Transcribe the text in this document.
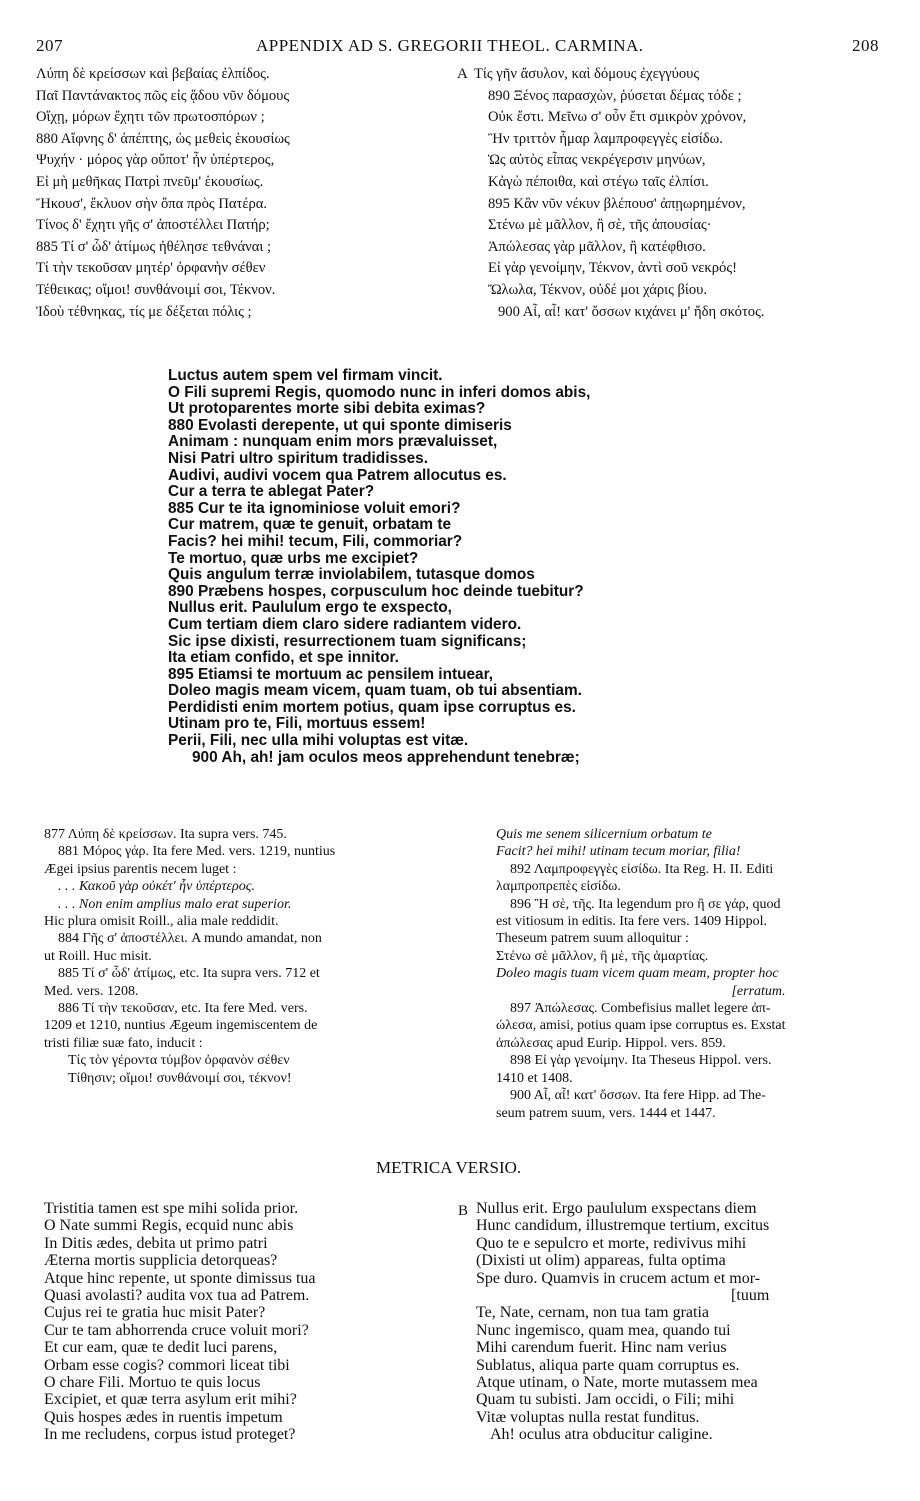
207	APPENDIX AD S. GREGORII THEOL. CARMINA.	208
Λύπη δὲ κρείσσων καὶ βεβαίας ἐλπίδος.
Παῖ Παντάνακτος πῶς εἰς ᾅδου νῦν δόμους
Οἴχῃ, μόρων ἔχητι τῶν πρωτοσπόρων ;
880 Αἴφνης δ' ἀπέπτης, ὡς μεθεὶς ἑκουσίως
Ψυχήν · μόρος γὰρ οὔποτ' ἦν ὑπέρτερος,
Εἰ μὴ μεθῆκας Πατρὶ πνεῦμ' ἑκουσίως.
Ἤκουσ', ἔκλυον σὴν ὄπα πρὸς Πατέρα.
Τίνος δ' ἔχητι γῆς σ' ἀποστέλλει Πατήρ;
885 Τί σ' ὧδ' ἀτίμως ἠθέλησε τεθνάναι ;
Τί τὴν τεκοῦσαν μητέρ' ὀρφανὴν σέθεν
Τέθεικας; οἴμοι! συνθάνοιμί σοι, Τέκνον.
Ἰδοὺ τέθνηκας, τίς με δέξεται πόλις ;
A Τίς γῆν ἄσυλον, καὶ δόμους ἐχεγγύους
890 Ξένος παρασχὼν, ῥύσεται δέμας τόδε ;
Οὐκ ἔστι. Μεῖνω σ' οὖν ἔτι σμικρὸν χρόνον,
Ἢν τριττὸν ἦμαρ λαμπροφεγγὲς εἰσίδω.
Ὡς αὐτὸς εἶπας νεκρέγερσιν μηνύων,
Κἀγὼ πέποιθα, καὶ στέγω ταῖς ἐλπίσι.
895 Κἂν νῦν νέκυν βλέπουσ' ἀπῃωρημένον,
Στένω μὲ μᾶλλον, ἢ σὲ, τῆς ἀπουσίας·
Ἀπώλεσας γὰρ μᾶλλον, ἢ κατέφθισο.
Εἰ γὰρ γενοίμην, Τέκνον, ἀντὶ σοῦ νεκρός!
Ὤλωλα, Τέκνον, οὐδέ μοι χάρις βίου.
900 Αἶ, αἶ! κατ' ὄσσων κιχάνει μ' ἤδη σκότος.
Luctus autem spem vel firmam vincit.
O Fili supremi Regis, quomodo nunc in inferi domos abis,
Ut protoparentes morte sibi debita eximas?
880 Evolasti derepente, ut qui sponte dimiseris
Animam : nunquam enim mors prævaluisset,
Nisi Patri ultro spiritum tradidisses.
Audivi, audivi vocem qua Patrem allocutus es.
Cur a terra te ablegat Pater?
885 Cur te ita ignominiose voluit emori?
Cur matrem, quæ te genuit, orbatam te
Facis? hei mihi! tecum, Fili, commoriar?
Te mortuo, quæ urbs me excipiet?
Quis angulum terræ inviolabilem, tutasque domos
890 Præbens hospes, corpusculum hoc deinde tuebitur?
Nullus erit. Paululum ergo te exspecto,
Cum tertiam diem claro sidere radiantem videro.
Sic ipse dixisti, resurrectionem tuam significans;
Ita etiam confido, et spe innitor.
895 Etiamsi te mortuum ac pensilem intuear,
Doleo magis meam vicem, quam tuam, ob tui absentiam.
Perdidisti enim mortem potius, quam ipse corruptus es.
Utinam pro te, Fili, mortuus essem!
Perii, Fili, nec ulla mihi voluptas est vitæ.
900 Ah, ah! jam oculos meos apprehendunt tenebræ;
877 Λύπη δὲ κρείσσων. Ita supra vers. 745.
881 Μόρος γάρ. Ita fere Med. vers. 1219, nuntius
Ægei ipsius parentis necem luget :
. . . Κακοῦ γὰρ οὐκέτ' ἦν ὑπέρτερος.
. . . Non enim amplius malo erat superior.
Hic plura omisit Roill., alia male reddidit.
884 Γῆς σ' ἀποστέλλει. A mundo amandat, non
ut Roill. Huc misit.
885 Τί σ' ὧδ' ἀτίμως, etc. Ita supra vers. 712 et
Med. vers. 1208.
886 Τί τὴν τεκοῦσαν, etc. Ita fere Med. vers.
1209 et 1210, nuntius Ægeum ingemiscentem de
tristi filiæ suæ fato, inducit :
Τίς τὸν γέροντα τύμβον ὀρφανὸν σέθεν
Τίθησιν; οἴμοι! συνθάνοιμί σοι, τέκνον!
Quis me senem silicernium orbatum te
Facit? hei mihi! utinam tecum moriar, filia!
892 Λαμπροφεγγὲς εἰσίδω. Ita Reg. H. II. Editi
λαμπροπρεπὲς εἰσίδω.
896 Ἢ σὲ, τῆς. Ita legendum pro ἢ σε γάρ, quod
est vitiosum in editis. Ita fere vers. 1409 Hippol.
Theseum patrem suum alloquitur :
Στένω σὲ μᾶλλον, ἢ μὲ, τῆς ἁμαρτίας.
Doleo magis tuam vicem quam meam, propter hoc
[erratum.
897 Ἀπώλεσας. Combefisius mallet legere ἀπ-
ώλεσα, amisi, potius quam ipse corruptus es. Exstat
ἀπώλεσας apud Eurip. Hippol. vers. 859.
898 Εἰ γὰρ γενοίμην. Ita Theseus Hippol. vers.
1410 et 1408.
900 Αἶ, αἶ! κατ' ὄσσων. Ita fere Hipp. ad The-
seum patrem suum, vers. 1444 et 1447.
METRICA VERSIO.
Tristitia tamen est spe mihi solida prior.
O Nate summi Regis, ecquid nunc abis
In Ditis ædes, debita ut primo patri
Æterna mortis supplicia detorqueas?
Atque hinc repente, ut sponte dimissus tua
Quasi avolasti? audita vox tua ad Patrem.
Cujus rei te gratia huc misit Pater?
Cur te tam abhorrenda cruce voluit mori?
Et cur eam, quæ te dedit luci parens,
Orbam esse cogis? commori liceat tibi
O chare Fili. Mortuo te quis locus
Excipiet, et quæ terra asylum erit mihi?
Quis hospes ædes in ruentis impetum
In me recludens, corpus istud proteget?
B Nullus erit. Ergo paululum exspectans diem
Hunc candidum, illustremque tertium, excitus
Quo te e sepulcro et morte, redivivus mihi
(Dixisti ut olim) appareas, fulta optima
Spe duro. Quamvis in crucem actum et mor-
[tuum
Te, Nate, cernam, non tua tam gratia
Nunc ingemisco, quam mea, quando tui
Mihi carendum fuerit. Hinc nam verius
Sublatus, aliqua parte quam corruptus es.
Atque utinam, o Nate, morte mutassem mea
Quam tu subisti. Jam occidi, o Fili; mihi
Vitæ voluptas nulla restat funditus.
Ah! oculus atra obducitur caligine.
